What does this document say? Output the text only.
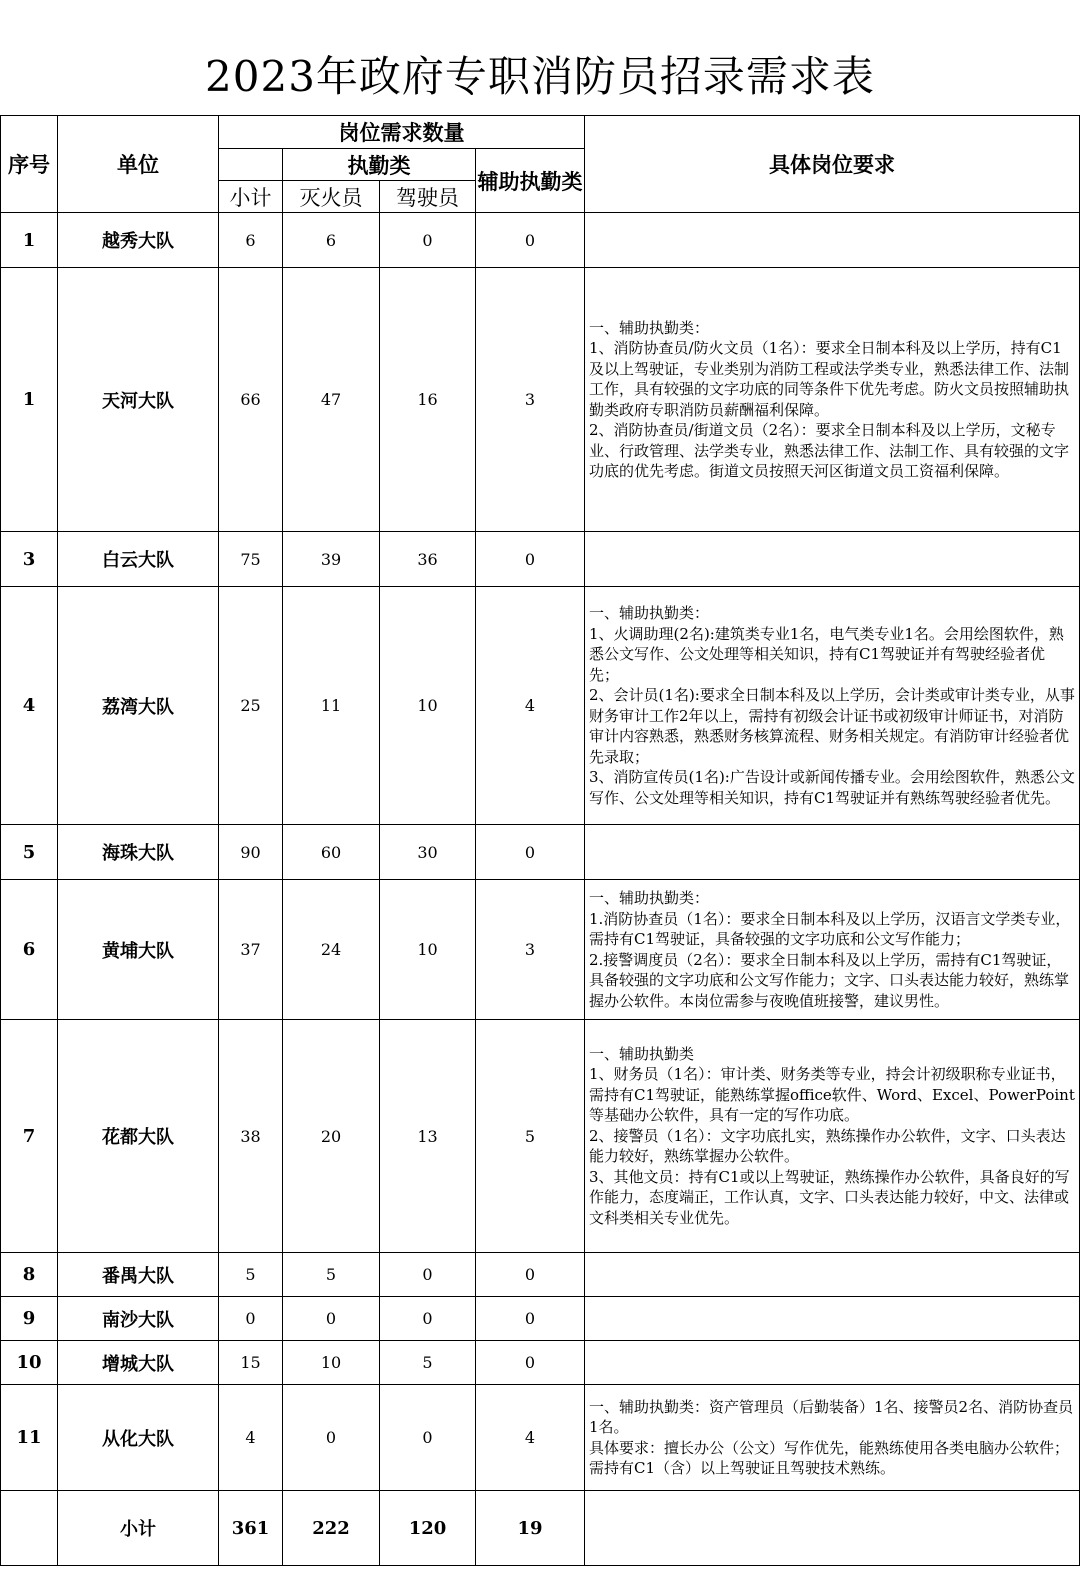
2023年政府专职消防员招录需求表
序号	单位	岗位需求数量				具体岗位要求
			执勤类		辅助执勤类	
		小计	灭火员	驾驶员		
1	越秀大队	6	6	0	0	
1	天河大队	66	47	16	3	一、辅助执勤类：
1、消防协查员/防火文员（1名）：要求全日制本科及以上学历，持有C1及以上驾驶证，专业类别为消防工程或法学类专业，熟悉法律工作、法制工作，具有较强的文字功底的同等条件下优先考虑。防火文员按照辅助执勤类政府专职消防员薪酬福利保障。
2、消防协查员/街道文员（2名）：要求全日制本科及以上学历，文秘专业、行政管理、法学类专业，熟悉法律工作、法制工作、具有较强的文字功底的优先考虑。街道文员按照天河区街道文员工资福利保障。

3	白云大队	75	39	36	0	
4	荔湾大队	25	11	10	4	一、辅助执勤类：
1、火调助理(2名):建筑类专业1名，电气类专业1名。会用绘图软件，熟悉公文写作、公文处理等相关知识，持有C1驾驶证并有驾驶经验者优先；
2、会计员(1名):要求全日制本科及以上学历，会计类或审计类专业，从事财务审计工作2年以上，需持有初级会计证书或初级审计师证书，对消防审计内容熟悉，熟悉财务核算流程、财务相关规定。有消防审计经验者优先录取；
3、消防宣传员(1名):广告设计或新闻传播专业。会用绘图软件，熟悉公文写作、公文处理等相关知识，持有C1驾驶证并有熟练驾驶经验者优先。

5	海珠大队	90	60	30	0	
6	黄埔大队	37	24	10	3	一、辅助执勤类：
1.消防协查员（1名）：要求全日制本科及以上学历，汉语言文学类专业，需持有C1驾驶证，具备较强的文字功底和公文写作能力；
2.接警调度员（2名）：要求全日制本科及以上学历，需持有C1驾驶证，具备较强的文字功底和公文写作能力；文字、口头表达能力较好，熟练掌握办公软件。本岗位需参与夜晚值班接警，建议男性。

7	花都大队	38	20	13	5	一、辅助执勤类
1、财务员（1名）：审计类、财务类等专业，持会计初级职称专业证书，需持有C1驾驶证，能熟练掌握office软件、Word、Excel、PowerPoint等基础办公软件，具有一定的写作功底。
2、接警员（1名）：文字功底扎实，熟练操作办公软件，文字、口头表达能力较好，熟练掌握办公软件。
3、其他文员：持有C1或以上驾驶证，熟练操作办公软件，具备良好的写作能力，态度端正，工作认真，文字、口头表达能力较好，中文、法律或文科类相关专业优先。

8	番禺大队	5	5	0	0	
9	南沙大队	0	0	0	0	
10	增城大队	15	10	5	0	
11	从化大队	4	0	0	4	一、辅助执勤类：资产管理员（后勤装备）1名、接警员2名、消防协查员1名。
具体要求：擅长办公（公文）写作优先，能熟练使用各类电脑办公软件；需持有C1（含）以上驾驶证且驾驶技术熟练。

	小计	361	222	120	19	
